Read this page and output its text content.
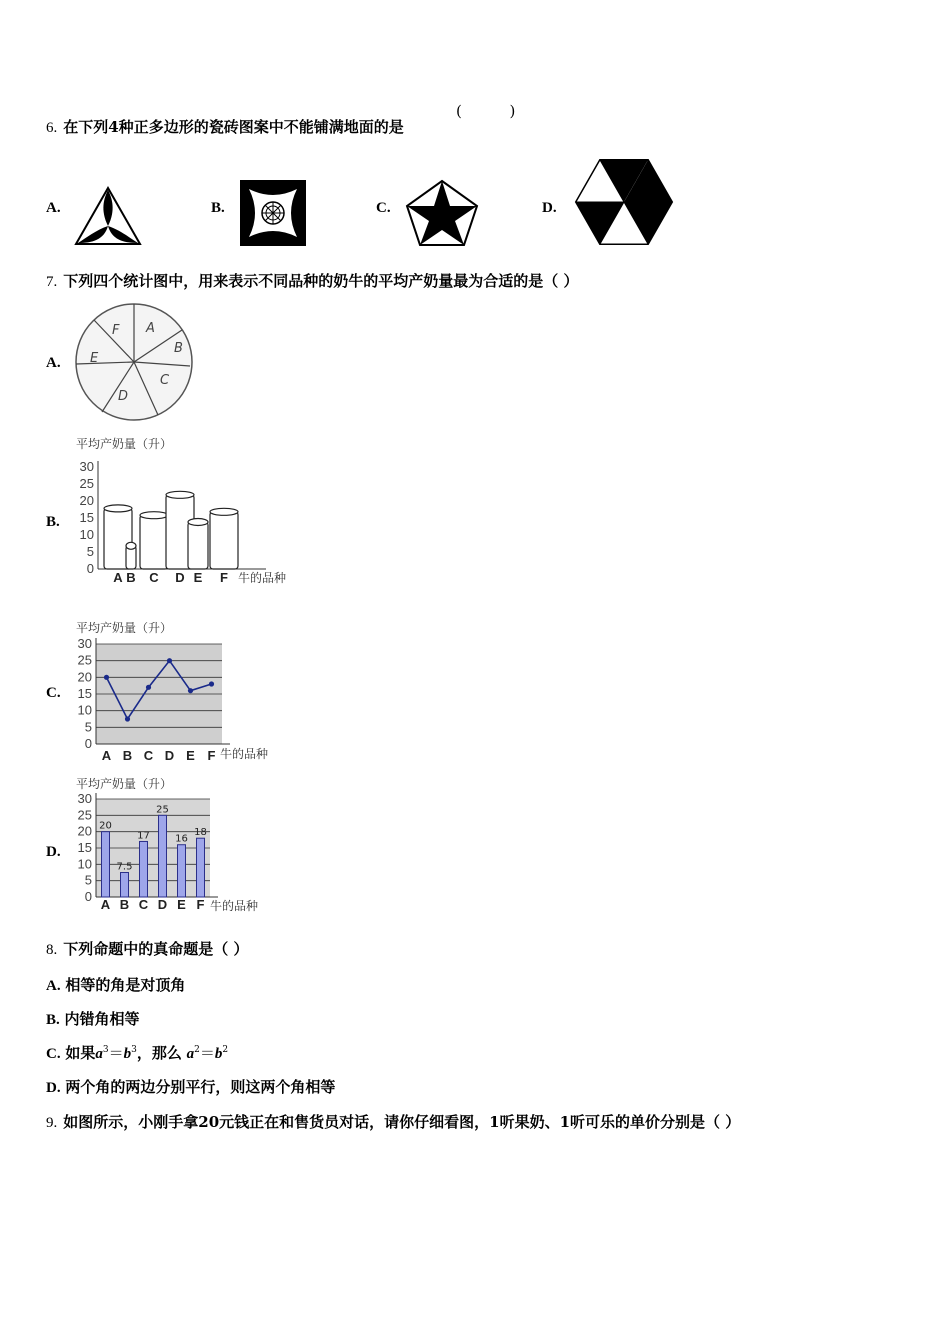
6. 在下列4种正多边形的瓷砖图案中不能铺满地面的是
(          )
A.	B.	C.	D.
7. 下列四个统计图中，用来表示不同品种的奶牛的平均产奶量最为合适的是（ ）
A.
F A
B
C
D
E
B.
平均产奶量（升）
0
5
10
15
20
25
30
A B C D E F 牛的品种
C.
平均产奶量（升）
0
5
10
15
20
25
30
A B C D E F 牛的品种
D.
平均产奶量（升）
0
5
10
15
20
25
30
20
A
7.5
B
17
C
25
D
16
E
18
F 牛的品种
8. 下列命题中的真命题是（ ）
A. 相等的角是对顶角
B. 内错角相等
C. 如果$a^3=b^3$，那么 $a^2=b^2$
D. 两个角的两边分别平行，则这两个角相等
9. 如图所示，小刚手拿20元钱正在和售货员对话，请你仔细看图，1听果奶、1听可乐的单价分别是（ ）
